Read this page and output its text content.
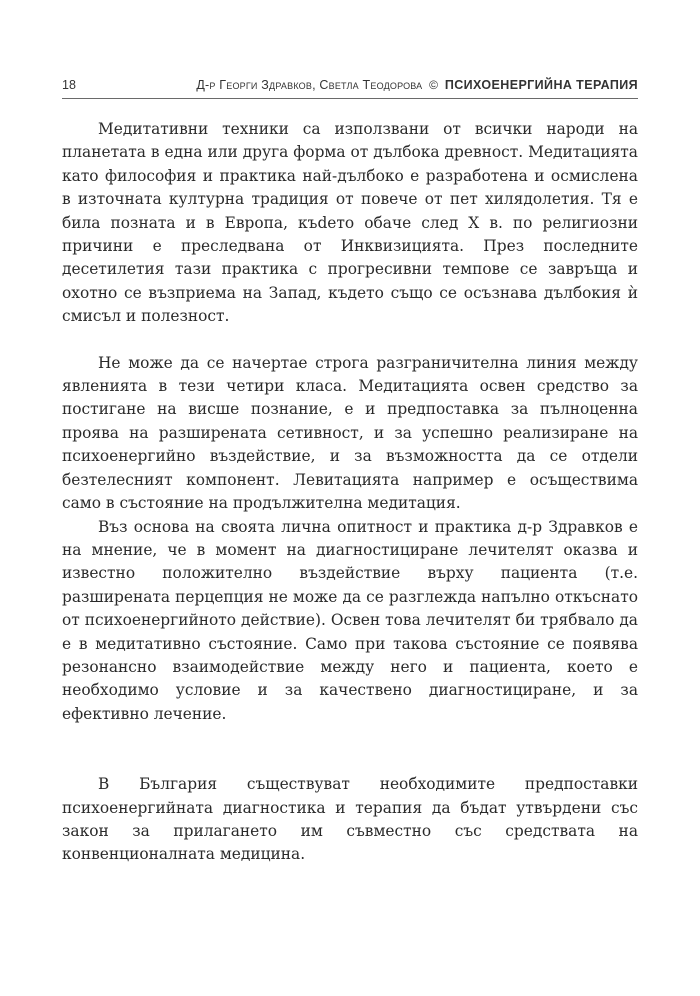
18	Д-р Георги Здравков, Светла Теодорова © ПСИХОЕНЕРГИЙНА ТЕРАПИЯ

Медитативни техники са използвани от всички народи на планетата в една или друга форма от дълбока древност. Медитацията като философия и практика най-дълбоко е разработена и осмислена в източната културна традиция от повече от пет хилядолетия. Тя е била позната и в Европа, къdето обаче след X в. по религиозни причини е преследвана от Инквизицията. През последните десетилетия тази практика с прогресивни темпове се завръща и охотно се възприема на Запад, където също се осъзнава дълбокия ѝ смисъл и полезност.

Не може да се начертае строга разграничителна линия между явленията в тези четири класа. Медитацията освен средство за постигане на висше познание, е и предпоставка за пълноценна проява на разширената сетивност, и за успешно реализиране на психоенергийно въздействие, и за възможността да се отдели безтелесният компонент. Левитацията например е осъществима само в състояние на продължителна медитация.

Въз основа на своята лична опитност и практика д-р Здравков е на мнение, че в момент на диагностициране лечителят оказва и известно положително въздействие върху пациента (т.е. разширената перцепция не може да се разглежда напълно откъснато от психоенергийното действие). Освен това лечителят би трябвало да е в медитативно състояние. Само при такова състояние се появява резонансно взаимодействие между него и пациента, което е необходимо условие и за качествено диагностициране, и за ефективно лечение.

В България съществуват необходимите предпоставки психоенергийната диагностика и терапия да бъдат утвърдени със закон за прилагането им съвместно със средствата на конвенционалната медицина.
